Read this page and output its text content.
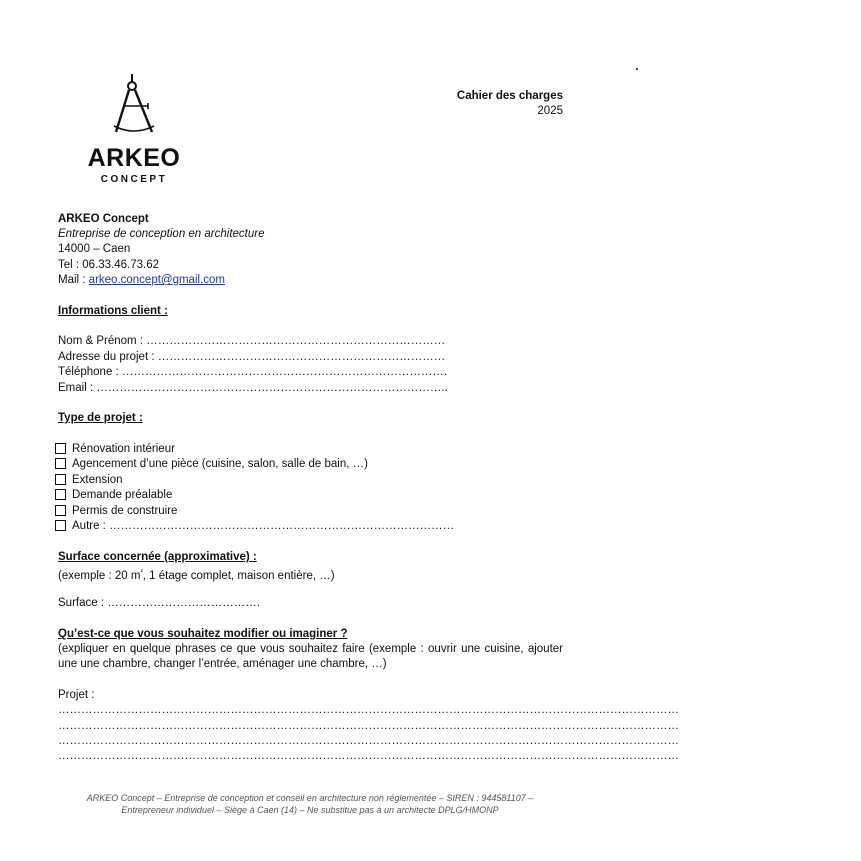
ARKEO
CONCEPT
Cahier des charges
2025
ARKEO Concept
Entreprise de conception en architecture
14000 – Caen
Tel : 06.33.46.73.62
Mail : arkeo.concept@gmail.com
Informations client :
Nom & Prénom : ……………………………………………………………………
Adresse du projet : …………………………………………………………………
Téléphone : ………………………………………………………………………….
Email : ………………………………………………………………………………..
Type de projet :
Rénovation intérieur
Agencement d’une pièce (cuisine, salon, salle de bain, …)
Extension
Demande préalable
Permis de construire
Autre : ………………………………………………………………………………
Surface concernée (approximative) :
(exemple : 20 $m^{^2}$, 1 étage complet, maison entière, …)
Surface : ………………………………….
Qu’est-ce que vous souhaitez modifier ou imaginer ?
(expliquer en quelque phrases ce que vous souhaitez faire (exemple : ouvrir une cuisine, ajouter une une chambre, changer l’entrée, aménager une chambre, …)
Projet :
………………………………………………………………………………………………………………………………………………
………………………………………………………………………………………………………………………………………………
………………………………………………………………………………………………………………………………………………
………………………………………………………………………………………………………………………………………………
ARKEO Concept – Entreprise de conception et conseil en architecture non réglementée – SIREN : 944581107 –
Entrepreneur individuel – Siège à Caen (14) – Ne substitue pas à un architecte DPLG/HMONP
